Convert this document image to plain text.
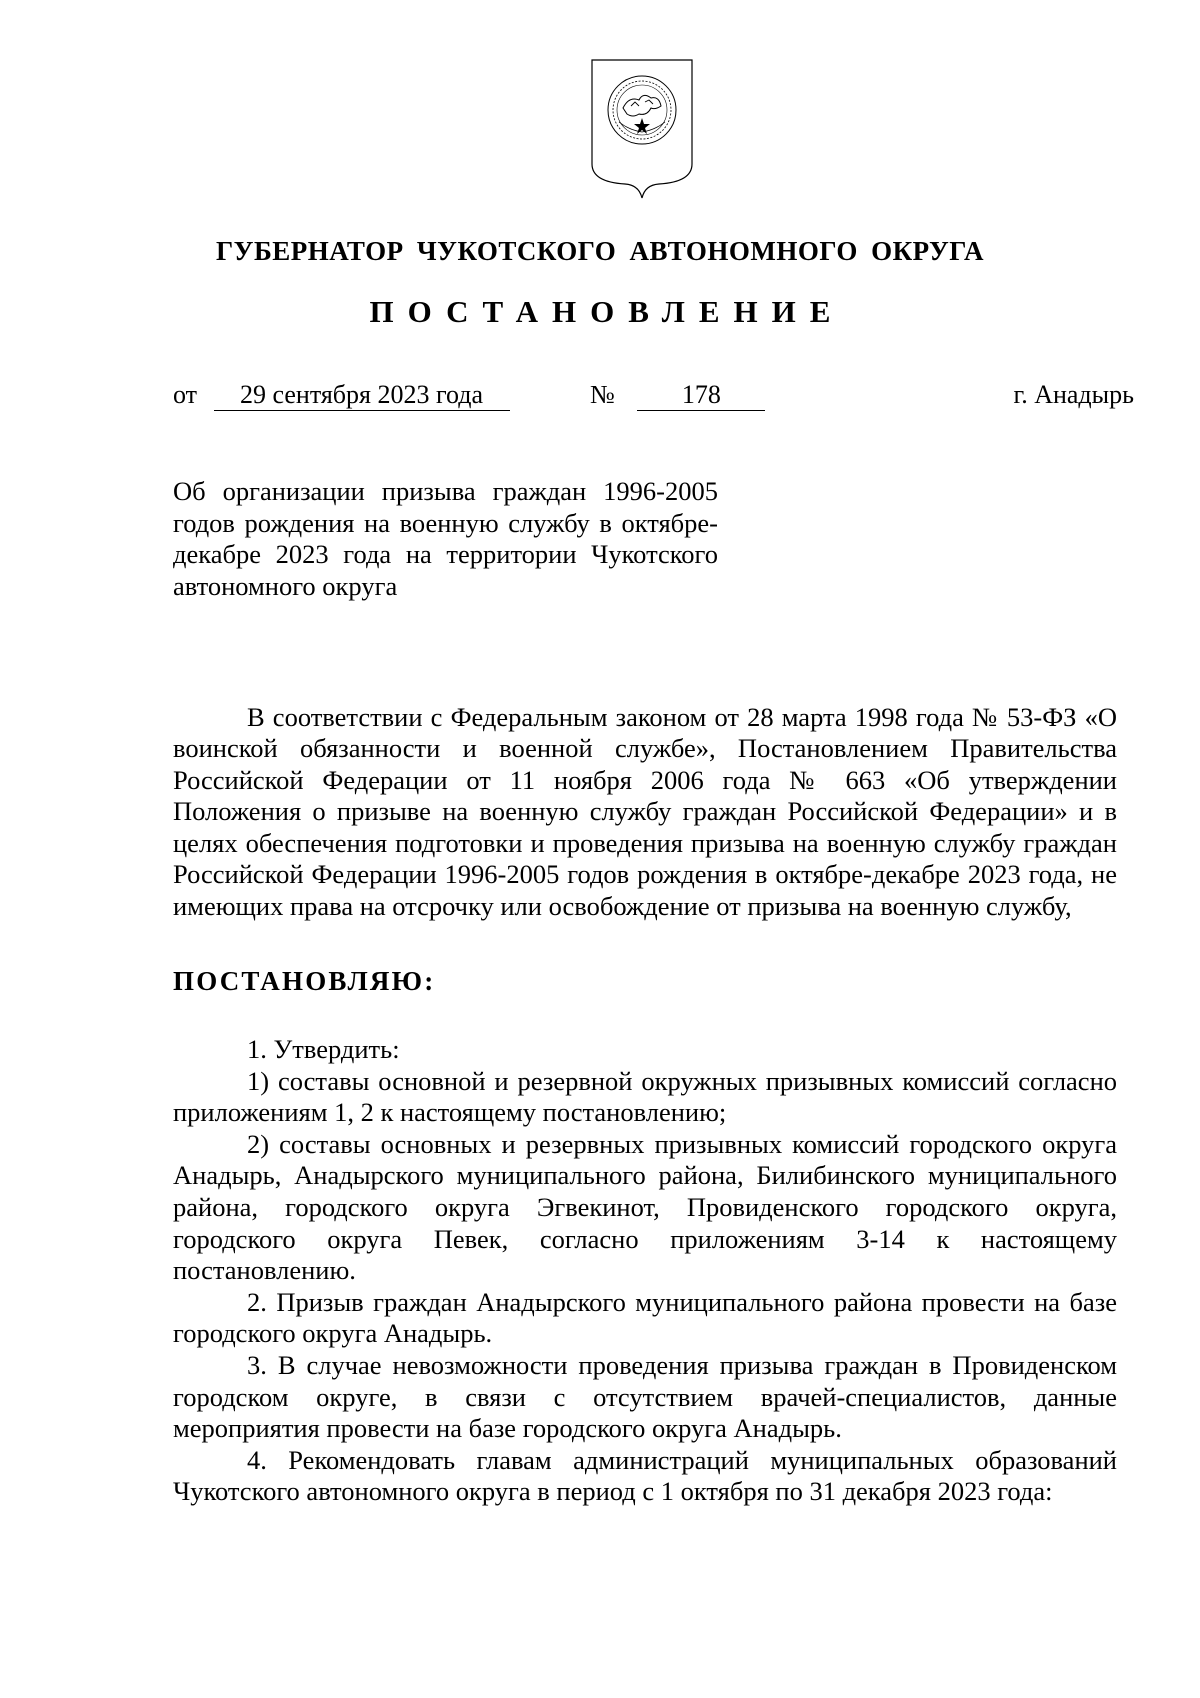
ГУБЕРНАТОР ЧУКОТСКОГО АВТОНОМНОГО ОКРУГА
ПОСТАНОВЛЕНИЕ
от 29 сентября 2023 года	№	178	г. Анадырь
Об организации призыва граждан 1996-2005 годов рождения на военную службу в октябре-декабре 2023 года на территории Чукотского автономного округа

В соответствии с Федеральным законом от 28 марта 1998 года № 53-ФЗ «О воинской обязанности и военной службе», Постановлением Правительства Российской Федерации от 11 ноября 2006 года № 663 «Об утверждении Положения о призыве на военную службу граждан Российской Федерации» и в целях обеспечения подготовки и проведения призыва на военную службу граждан Российской Федерации 1996-2005 годов рождения в октябре-декабре 2023 года, не имеющих права на отсрочку или освобождение от призыва на военную службу,

ПОСТАНОВЛЯЮ:

1. Утвердить:

1) составы основной и резервной окружных призывных комиссий согласно приложениям 1, 2 к настоящему постановлению;

2) составы основных и резервных призывных комиссий городского округа Анадырь, Анадырского муниципального района, Билибинского муниципального района, городского округа Эгвекинот, Провиденского городского округа, городского округа Певек, согласно приложениям 3-14 к настоящему постановлению.

2. Призыв граждан Анадырского муниципального района провести на базе городского округа Анадырь.

3. В случае невозможности проведения призыва граждан в Провиденском городском округе, в связи с отсутствием врачей-специалистов, данные мероприятия провести на базе городского округа Анадырь.

4. Рекомендовать главам администраций муниципальных образований Чукотского автономного округа в период с 1 октября по 31 декабря 2023 года:
